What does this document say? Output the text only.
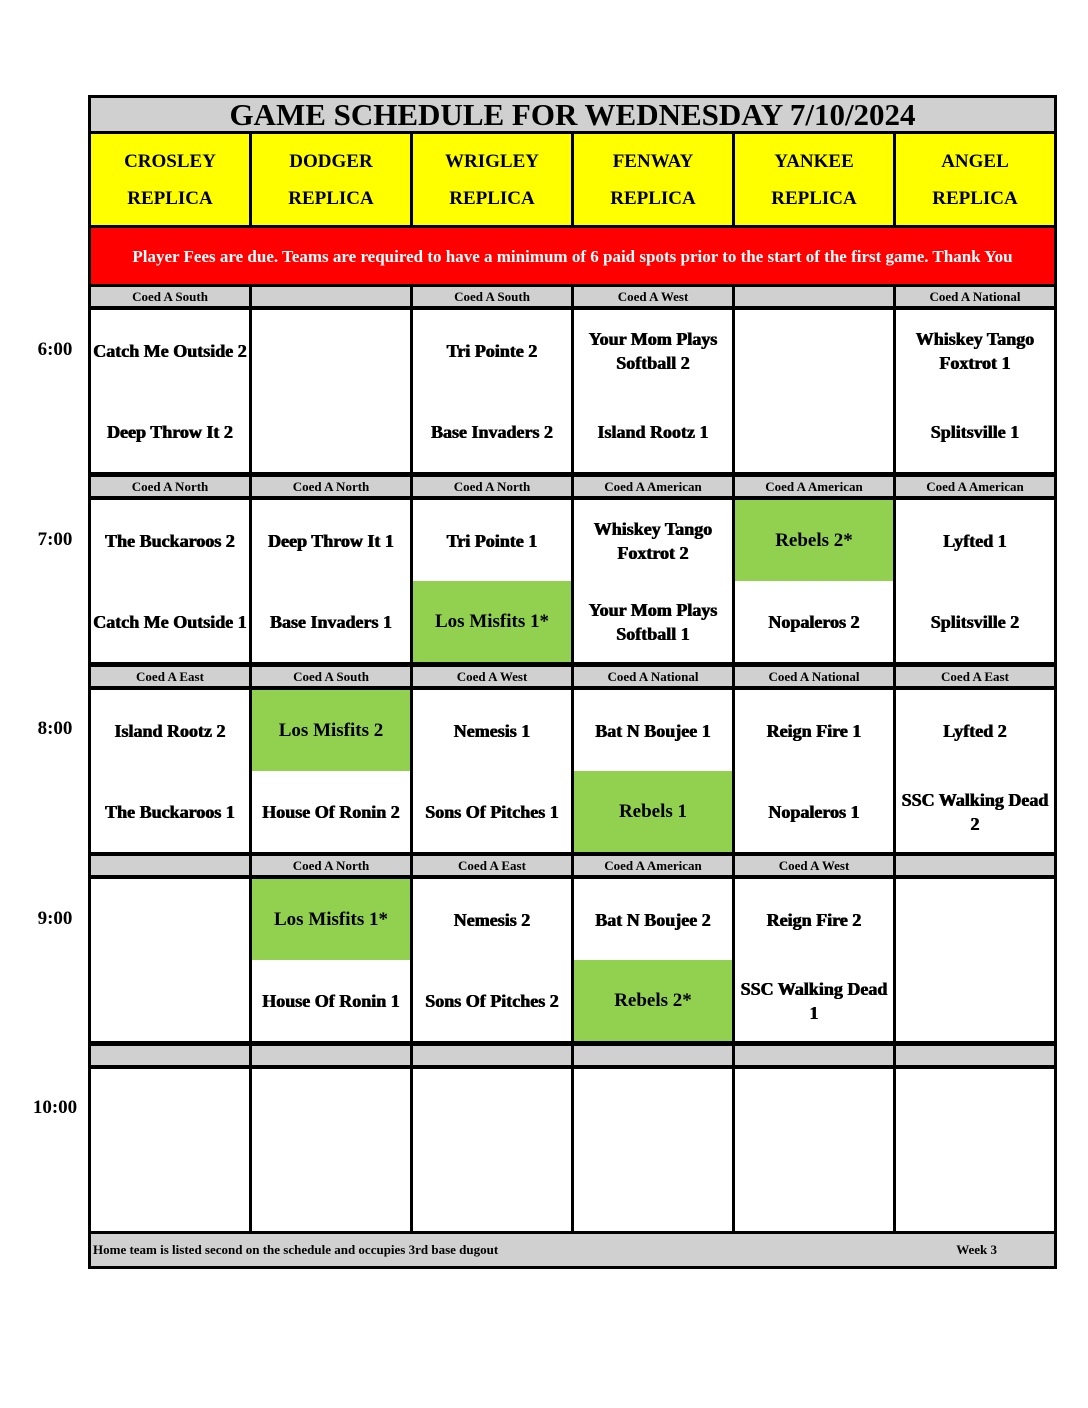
GAME SCHEDULE FOR WEDNESDAY 7/10/2024
CROSLEY
REPLICA
DODGER
REPLICA
WRIGLEY
REPLICA
FENWAY
REPLICA
YANKEE
REPLICA
ANGEL
REPLICA
Player Fees are due. Teams are required to have a minimum of 6 paid spots prior to the start of the first game. Thank You
Coed A South
Catch Me Outside 2
Deep Throw It 2
Coed A South
Tri Pointe 2
Base Invaders 2
Coed A West
Your Mom Plays Softball 2
Island Rootz 1
Coed A National
Whiskey Tango Foxtrot 1
Splitsville 1
Coed A North
The Buckaroos 2
Catch Me Outside 1
Coed A North
Deep Throw It 1
Base Invaders 1
Coed A North
Tri Pointe 1
Los Misfits 1*
Coed A American
Whiskey Tango Foxtrot 2
Your Mom Plays Softball 1
Coed A American
Rebels 2*
Nopaleros 2
Coed A American
Lyfted 1
Splitsville 2
Coed A East
Island Rootz 2
The Buckaroos 1
Coed A South
Los Misfits 2
House Of Ronin 2
Coed A West
Nemesis 1
Sons Of Pitches 1
Coed A National
Bat N Boujee 1
Rebels 1
Coed A National
Reign Fire 1
Nopaleros 1
Coed A East
Lyfted 2
SSC Walking Dead 2
Coed A North
Los Misfits 1*
House Of Ronin 1
Coed A East
Nemesis 2
Sons Of Pitches 2
Coed A American
Bat N Boujee 2
Rebels 2*
Coed A West
Reign Fire 2
SSC Walking Dead 1
Home team is listed second on the schedule and occupies 3rd base dugout	Week 3
6:00
7:00
8:00
9:00
10:00
